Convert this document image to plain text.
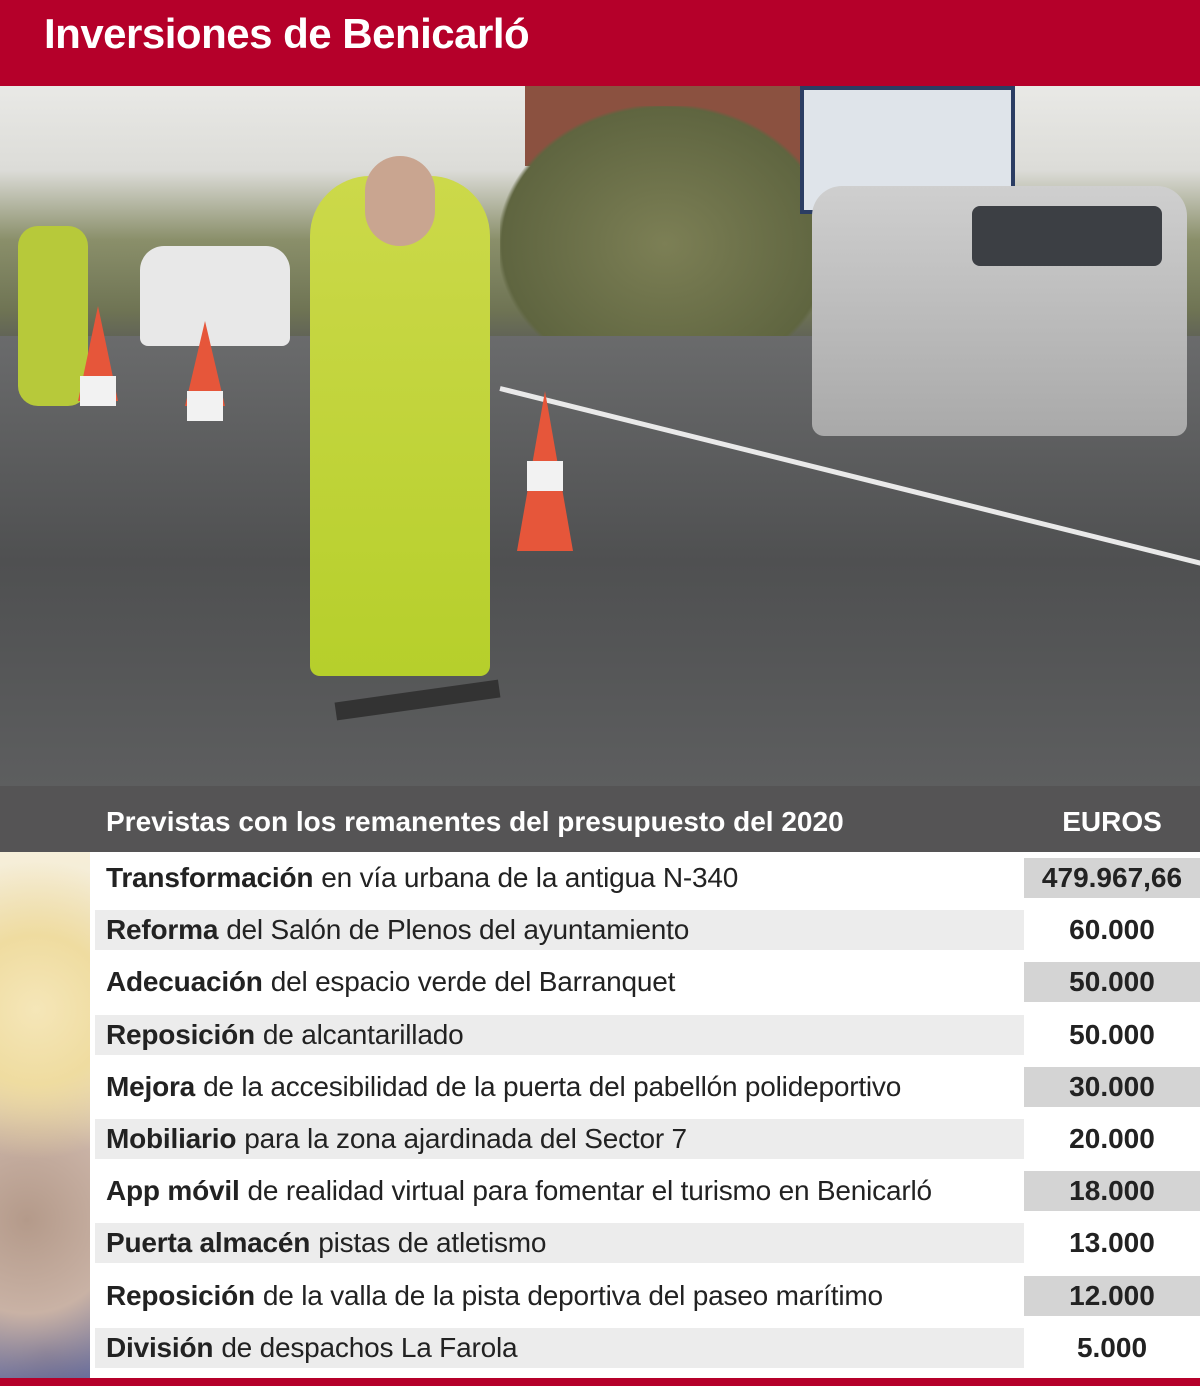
Inversiones de Benicarló
Previstas con los remanentes del presupuesto del 2020	EUROS
Transformación en vía urbana de la antigua N-340	479.967,66
Reforma del Salón de Plenos del ayuntamiento	60.000
Adecuación del espacio verde del Barranquet	50.000
Reposición de alcantarillado	50.000
Mejora de la accesibilidad de la puerta del pabellón polideportivo	30.000
Mobiliario para la zona ajardinada del Sector 7	20.000
App móvil de realidad virtual para fomentar el turismo en Benicarló	18.000
Puerta almacén pistas de atletismo	13.000
Reposición de la valla de la pista deportiva del paseo marítimo	12.000
División de despachos La Farola	5.000
